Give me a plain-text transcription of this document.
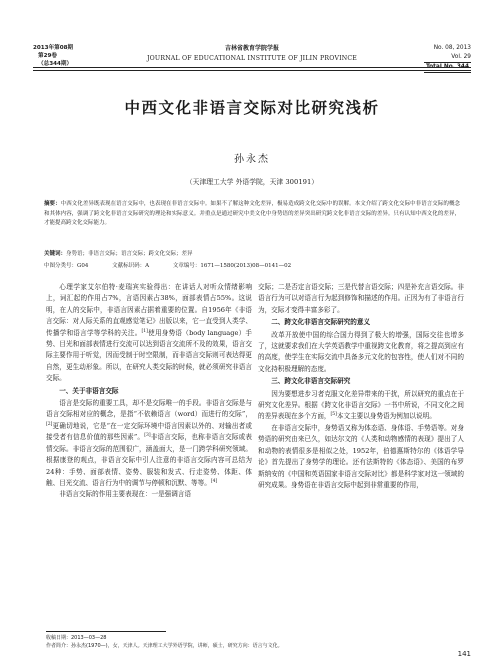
2013年第08期
第29卷
（总344期）
吉林省教育学院学报
JOURNAL OF EDUCATIONAL INSTITUTE OF JILIN PROVINCE
No. 08, 2013
Vol. 29
Total No. 344
中西文化非语言交际对比研究浅析
孙永杰
（天津理工大学 外语学院，天津 300191）
摘要：中西文化差异既表现在语言交际中，也表现在非语言交际中。如果不了解这种文化差异，极易造成跨文化交际中的误解。本文介绍了跨文化交际中非语言交际的概念和其体内容，强调了跨文化非语言交际研究的理论和实际意义。并重点是通过研究中美文化中身势语的差异突出研究跨文化非语言交际的差异。只有认知中西文化的差异，才能提高跨文化交际能力。
关键词：身势语；非语言交际；语言交际；跨文化交际；差异
中图分类号：G04	文献标识码：A	文章编号：1671—1580(2013)08—0141—02

心理学家艾尔伯特·麦瑞宾实验得出：在讲话人对听众情绪影响上，词汇起的作用占7%，言语因素占38%，面部表情占55%。这说明，在人的交际中，非语言因素占据着重要的位置。自1956年《非语言交际：对人际关系的直观感觉笔记》出版以来，它一直受到人类学、传播学和语言学等学科的关注。[1]使用身势语（body language）手势、目光和面部表情进行交流可以达到语言交流所不及的效果，语言交际主要作用于听觉，因而受制于时空限制，而非语言交际则可表达得更自然，更生动形象。所以，在研究人类交际的时候，就必须研究非语言交际。

一、关于非语言交际

语言是交际的重要工具，却不是交际唯一的手段。非语言交际是与语言交际相对应的概念，是指“不依赖语言（word）而进行的交际”，[2]更确切地说，它是“在一定交际环境中语言因素以外的、对输出者或接受者有信息价值的那些因素”。[3]非语言交际，也称非语言交际或表情交际。非语言交际的范围很广，涵盖面大，是一门跨学科研究领域。根据康登的观点，非语言交际中引人注意的非语言交际内容可总结为24种：手势、面部表情、姿势、服装和发式、行走姿势、体距、体触、目光交流、语言行为中的调节与停顿和沉默、等等。[4]

非语言交际的作用主要表现在：一是强调言语

交际；二是否定言语交际；三是代替言语交际；四是补充言语交际。非语言行为可以对语言行为起到修饰和描述的作用。正因为有了非语言行为，交际才变得丰富多彩了。

二、跨文化非语言交际研究的意义

改革开放使中国的综合国力得到了极大的增强，国际交往也增多了，这就要求我们在大学英语教学中重视跨文化教育，将之提高到应有的高度，使学生在实际交流中具备多元文化的包容性，使人们对不同的文化持积极理解的态度。

三、跨文化非语言交际研究

因为要想进步习者克服文化差异带来的干扰，所以研究的重点在于研究文化差异。根据《跨文化非语言交际》一书中所说，不同文化之间的差异表现在多个方面，[5]本文主要以身势语为例加以说明。

在非语言交际中，身势语又称为体态语、身体语、手势语等。对身势语的研究由来已久，如达尔文的《人类和动物感情的表现》提出了人和动物的表情很多是相似之处，1952年，伯德惠斯特尔的《体语学导论》首先提出了身势学的理论。还有法斯特的《体态语》、美国的布罗斯纳安的《中国和英语国家非语言交际对比》都是科学家对这一领域的研究成果。身势语在非语言交际中起到非常重要的作用，

收稿日期：2013—03—28
作者简介：孙永杰(1970—)，女，天津人。天津理工大学外语学院，讲师，硕士，研究方向：语言与文化。
141
